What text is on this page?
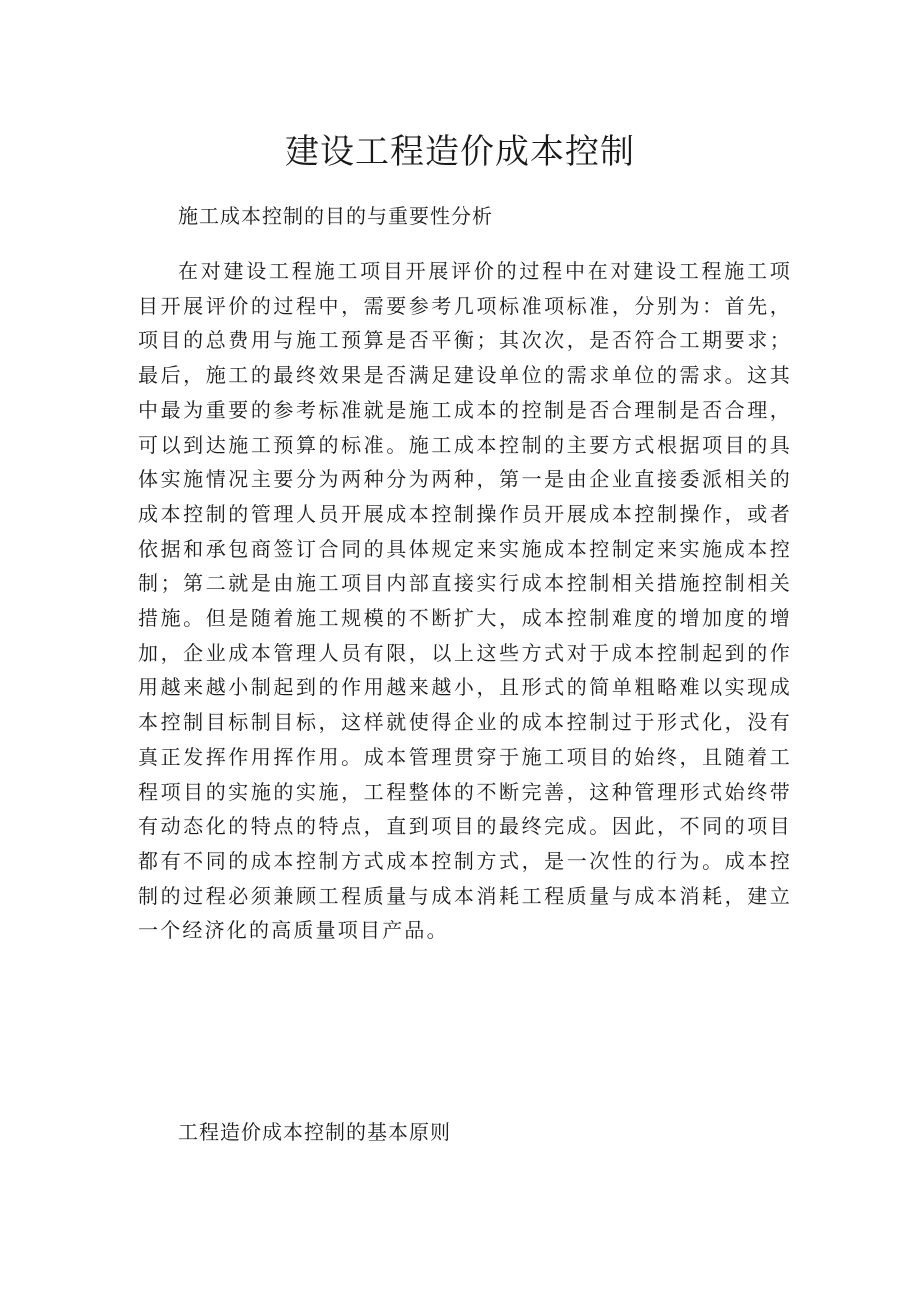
建设工程造价成本控制

施工成本控制的目的与重要性分析

在对建设工程施工项目开展评价的过程中在对建设工程施工项目开展评价的过程中，需要参考几项标准项标准，分别为：首先，项目的总费用与施工预算是否平衡；其次次，是否符合工期要求；最后，施工的最终效果是否满足建设单位的需求单位的需求。这其中最为重要的参考标准就是施工成本的控制是否合理制是否合理，可以到达施工预算的标准。施工成本控制的主要方式根据项目的具体实施情况主要分为两种分为两种，第一是由企业直接委派相关的成本控制的管理人员开展成本控制操作员开展成本控制操作，或者依据和承包商签订合同的具体规定来实施成本控制定来实施成本控制；第二就是由施工项目内部直接实行成本控制相关措施控制相关措施。但是随着施工规模的不断扩大，成本控制难度的增加度的增加，企业成本管理人员有限，以上这些方式对于成本控制起到的作用越来越小制起到的作用越来越小，且形式的简单粗略难以实现成本控制目标制目标，这样就使得企业的成本控制过于形式化，没有真正发挥作用挥作用。成本管理贯穿于施工项目的始终，且随着工程项目的实施的实施，工程整体的不断完善，这种管理形式始终带有动态化的特点的特点，直到项目的最终完成。因此，不同的项目都有不同的成本控制方式成本控制方式，是一次性的行为。成本控制的过程必须兼顾工程质量与成本消耗工程质量与成本消耗，建立一个经济化的高质量项目产品。

工程造价成本控制的基本原则
